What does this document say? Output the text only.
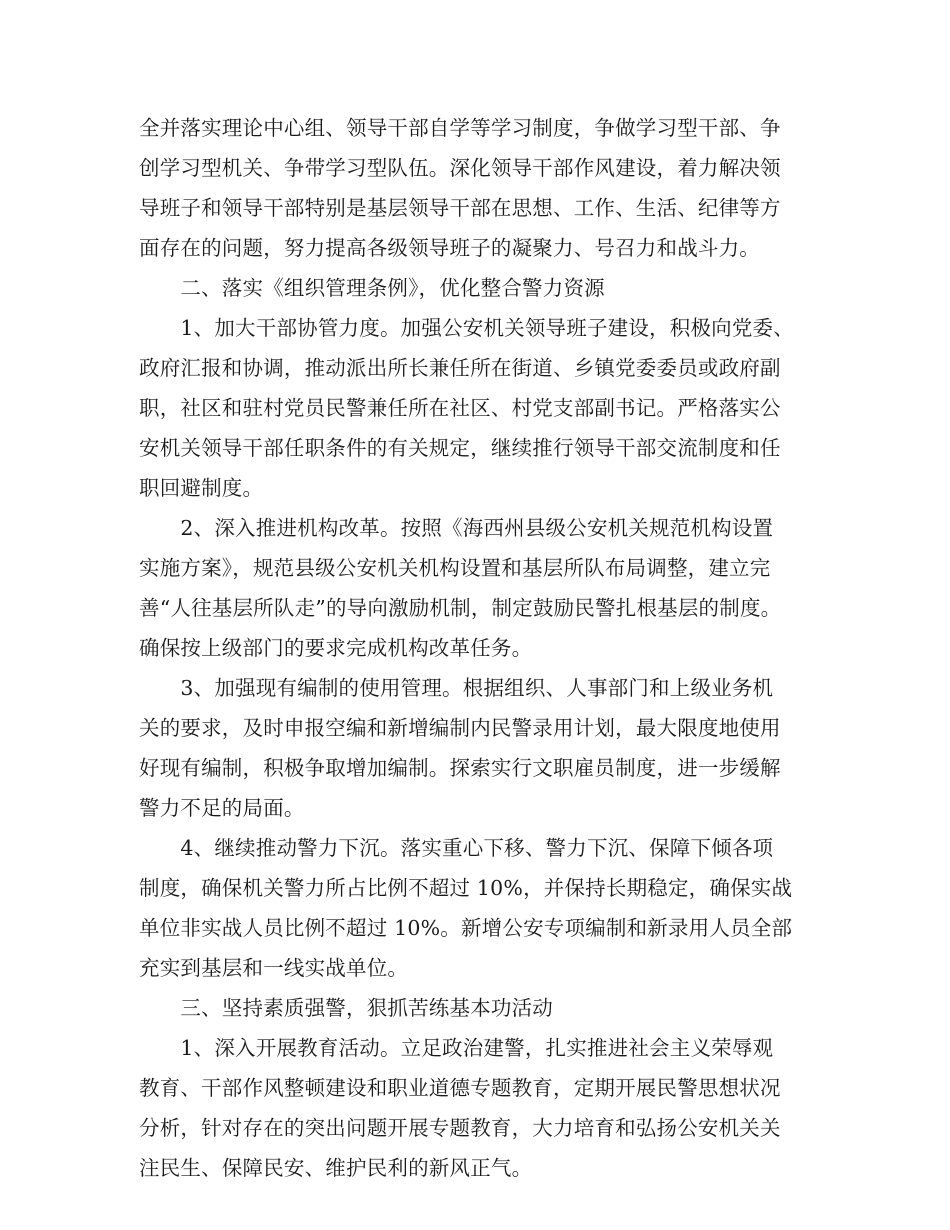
全并落实理论中心组、领导干部自学等学习制度，争做学习型干部、争
创学习型机关、争带学习型队伍。深化领导干部作风建设，着力解决领
导班子和领导干部特别是基层领导干部在思想、工作、生活、纪律等方
面存在的问题，努力提高各级领导班子的凝聚力、号召力和战斗力。
　　二、落实《组织管理条例》，优化整合警力资源
　　1、加大干部协管力度。加强公安机关领导班子建设，积极向党委、
政府汇报和协调，推动派出所长兼任所在街道、乡镇党委委员或政府副
职，社区和驻村党员民警兼任所在社区、村党支部副书记。严格落实公
安机关领导干部任职条件的有关规定，继续推行领导干部交流制度和任
职回避制度。
　　2、深入推进机构改革。按照《海西州县级公安机关规范机构设置
实施方案》，规范县级公安机关机构设置和基层所队布局调整，建立完
善“人往基层所队走”的导向激励机制，制定鼓励民警扎根基层的制度。
确保按上级部门的要求完成机构改革任务。
　　3、加强现有编制的使用管理。根据组织、人事部门和上级业务机
关的要求，及时申报空编和新增编制内民警录用计划，最大限度地使用
好现有编制，积极争取增加编制。探索实行文职雇员制度，进一步缓解
警力不足的局面。
　　4、继续推动警力下沉。落实重心下移、警力下沉、保障下倾各项
制度，确保机关警力所占比例不超过 10%，并保持长期稳定，确保实战
单位非实战人员比例不超过 10%。新增公安专项编制和新录用人员全部
充实到基层和一线实战单位。
　　三、坚持素质强警，狠抓苦练基本功活动
　　1、深入开展教育活动。立足政治建警，扎实推进社会主义荣辱观
教育、干部作风整顿建设和职业道德专题教育，定期开展民警思想状况
分析，针对存在的突出问题开展专题教育，大力培育和弘扬公安机关关
注民生、保障民安、维护民利的新风正气。
